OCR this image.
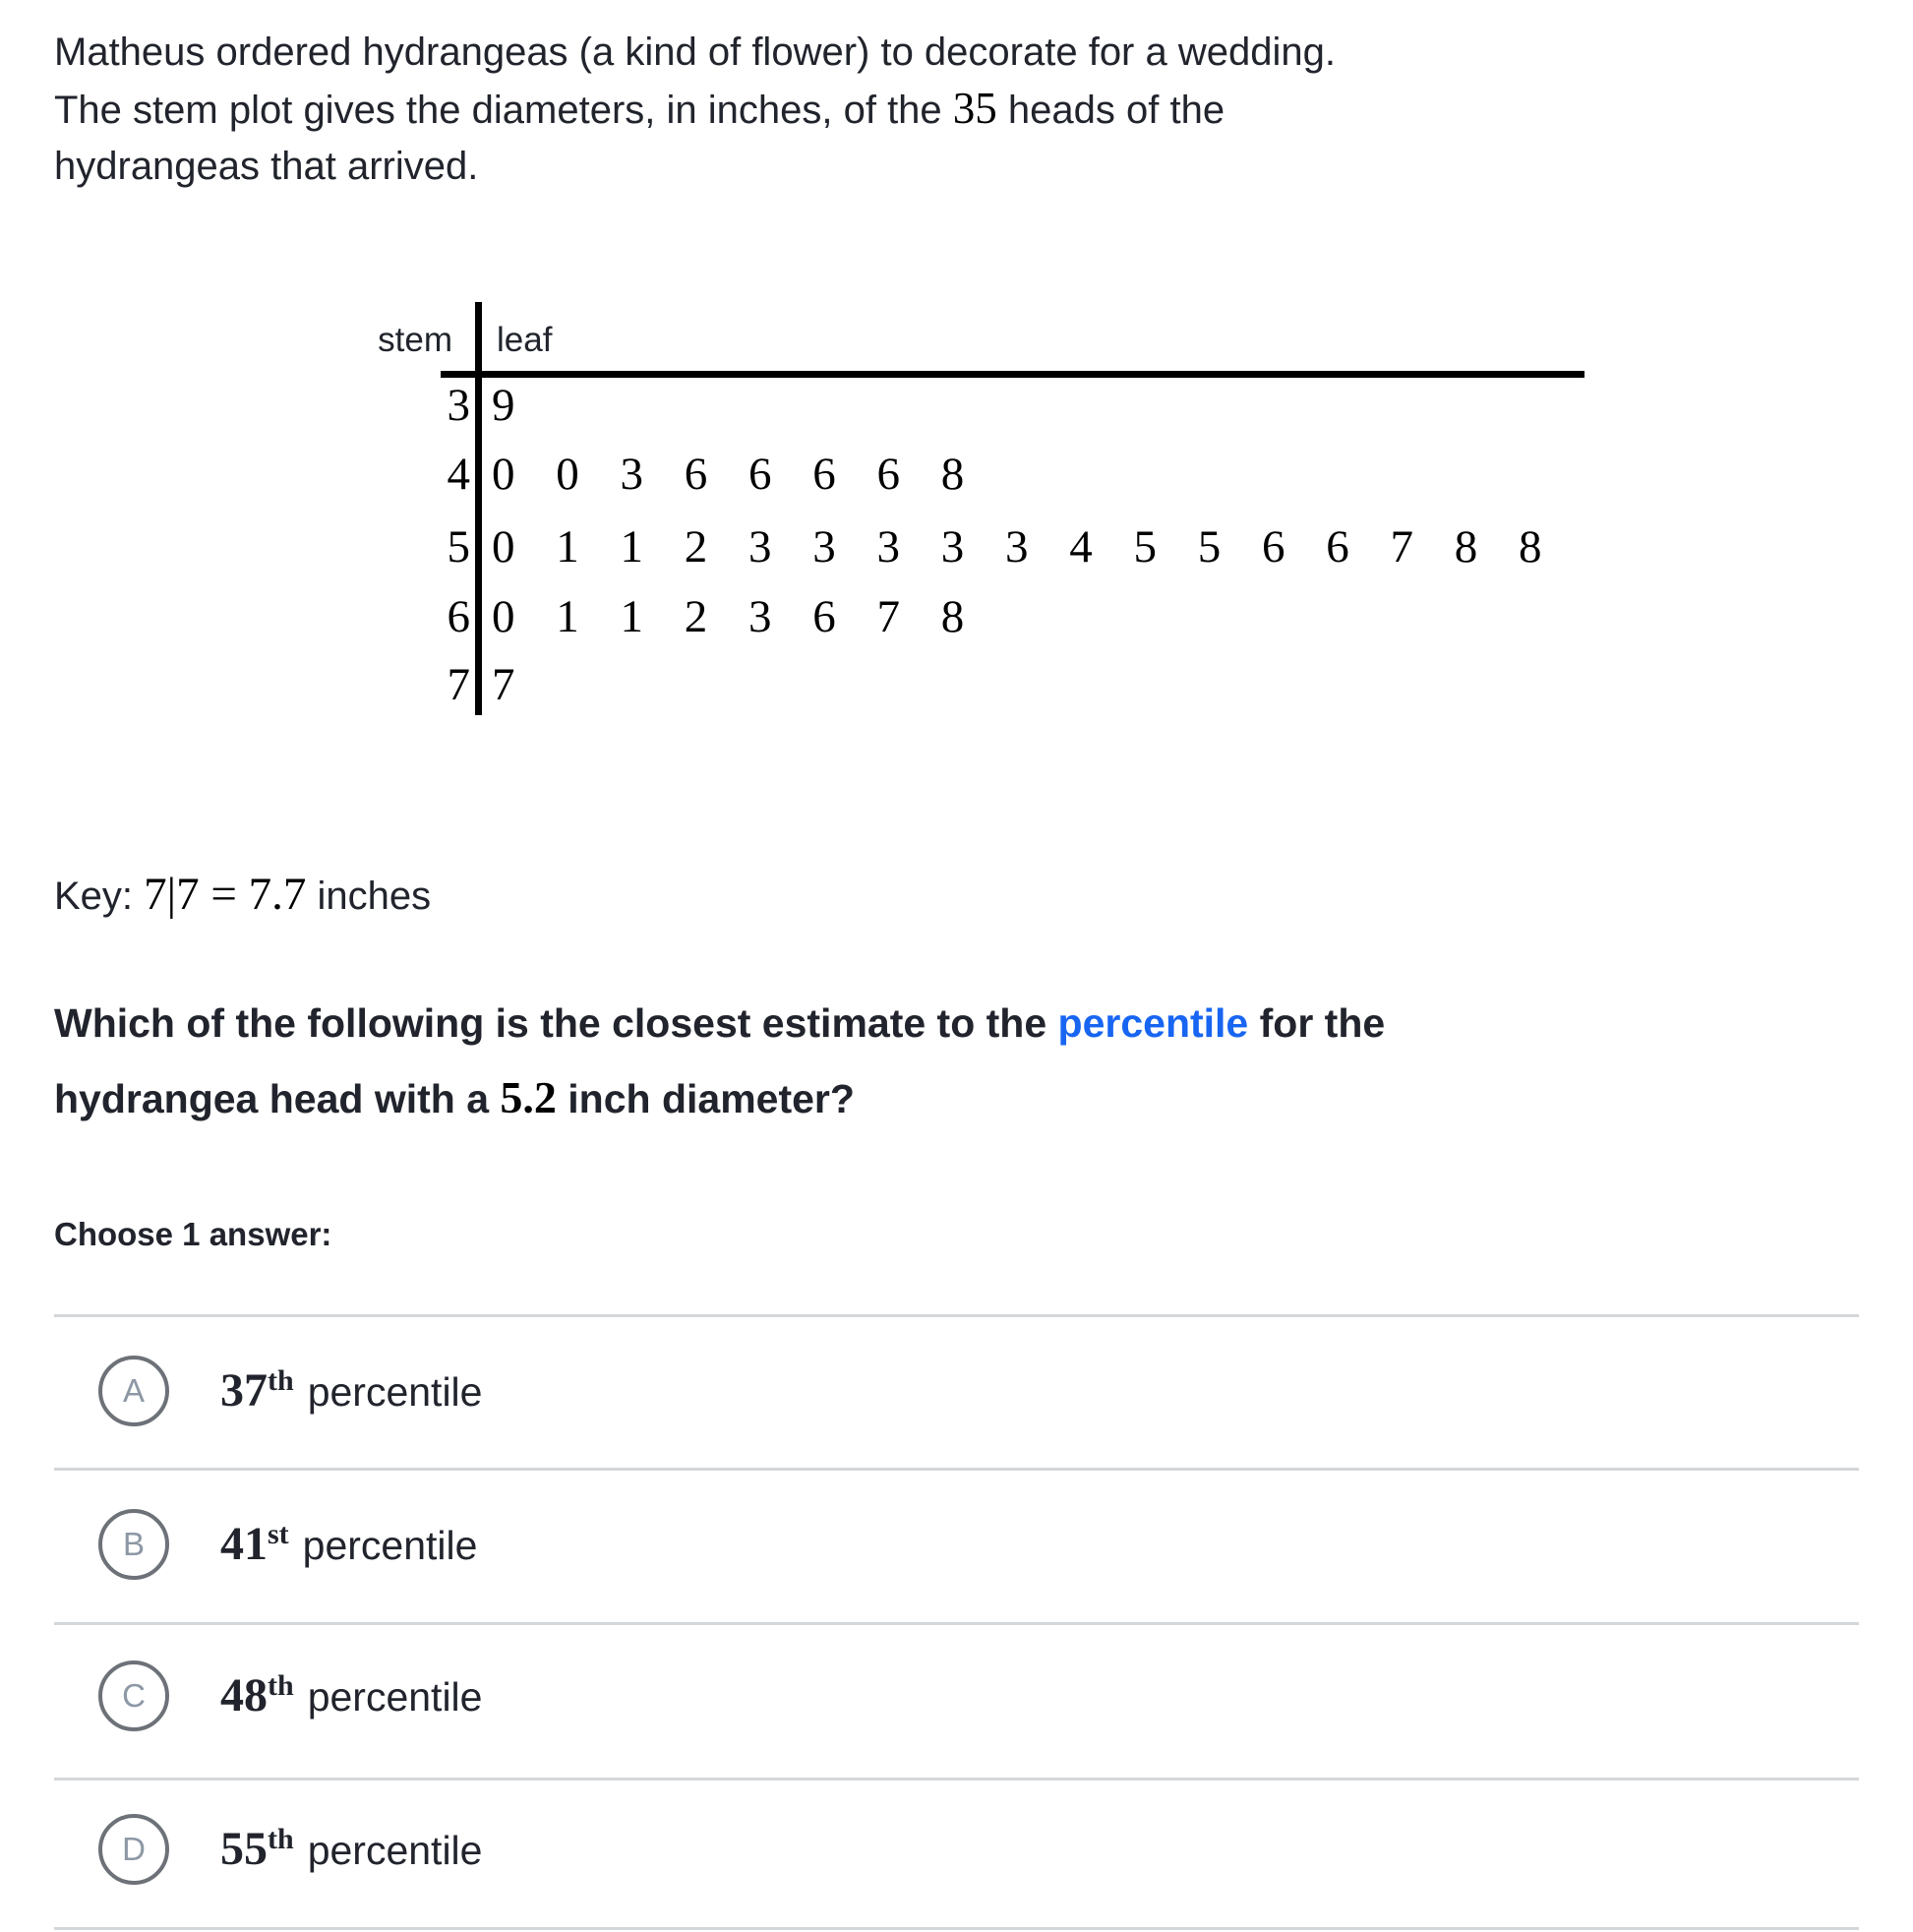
Matheus ordered hydrangeas (a kind of flower) to decorate for a wedding.
The stem plot gives the diameters, in inches, of the 35 heads of the
hydrangeas that arrived.
stem leaf
3 9
4 0 0 3 6 6 6 6 8
5 0 1 1 2 3 3 3 3 3 4 5 5 6 6 7 8 8
6 0 1 1 2 3 6 7 8
7 7
Key: 7|7 = 7.7 inches
Which of the following is the closest estimate to the percentile for the
hydrangea head with a 5.2 inch diameter?
Choose 1 answer:
A 37th percentile
B 41st percentile
C 48th percentile
D 55th percentile
